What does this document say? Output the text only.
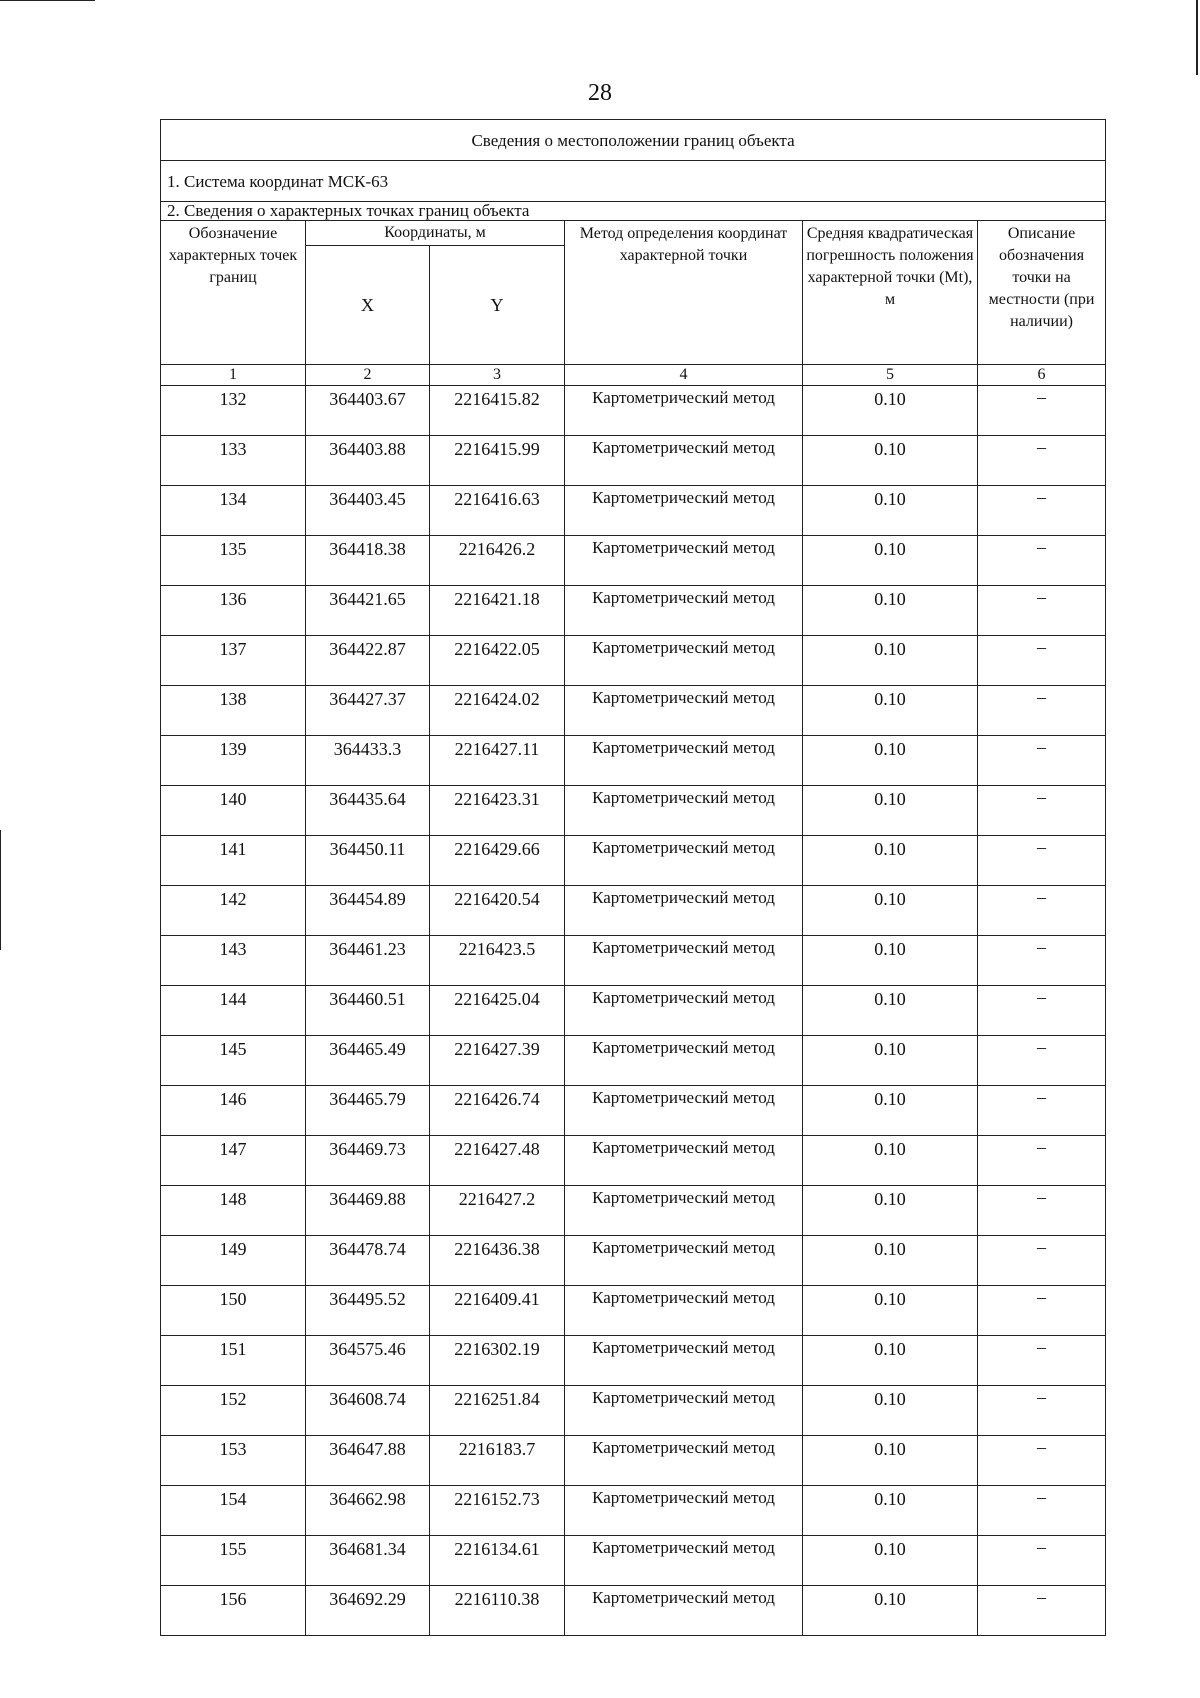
28
Сведения о местоположении границ объекта					
1. Система координат МСК-63					
2. Сведения о характерных точках границ объекта					
Обозначение характерных точек границ	Координаты, м		Метод определения координат характерной точки	Средняя квадратическая погрешность положения характерной точки (Mt), м	Описание обозначения точки на местности (при наличии)
	X	Y			
1	2	3	4	5	6
132	364403.67	2216415.82	Картометрический метод	0.10	–
133	364403.88	2216415.99	Картометрический метод	0.10	–
134	364403.45	2216416.63	Картометрический метод	0.10	–
135	364418.38	2216426.2	Картометрический метод	0.10	–
136	364421.65	2216421.18	Картометрический метод	0.10	–
137	364422.87	2216422.05	Картометрический метод	0.10	–
138	364427.37	2216424.02	Картометрический метод	0.10	–
139	364433.3	2216427.11	Картометрический метод	0.10	–
140	364435.64	2216423.31	Картометрический метод	0.10	–
141	364450.11	2216429.66	Картометрический метод	0.10	–
142	364454.89	2216420.54	Картометрический метод	0.10	–
143	364461.23	2216423.5	Картометрический метод	0.10	–
144	364460.51	2216425.04	Картометрический метод	0.10	–
145	364465.49	2216427.39	Картометрический метод	0.10	–
146	364465.79	2216426.74	Картометрический метод	0.10	–
147	364469.73	2216427.48	Картометрический метод	0.10	–
148	364469.88	2216427.2	Картометрический метод	0.10	–
149	364478.74	2216436.38	Картометрический метод	0.10	–
150	364495.52	2216409.41	Картометрический метод	0.10	–
151	364575.46	2216302.19	Картометрический метод	0.10	–
152	364608.74	2216251.84	Картометрический метод	0.10	–
153	364647.88	2216183.7	Картометрический метод	0.10	–
154	364662.98	2216152.73	Картометрический метод	0.10	–
155	364681.34	2216134.61	Картометрический метод	0.10	–
156	364692.29	2216110.38	Картометрический метод	0.10	–
